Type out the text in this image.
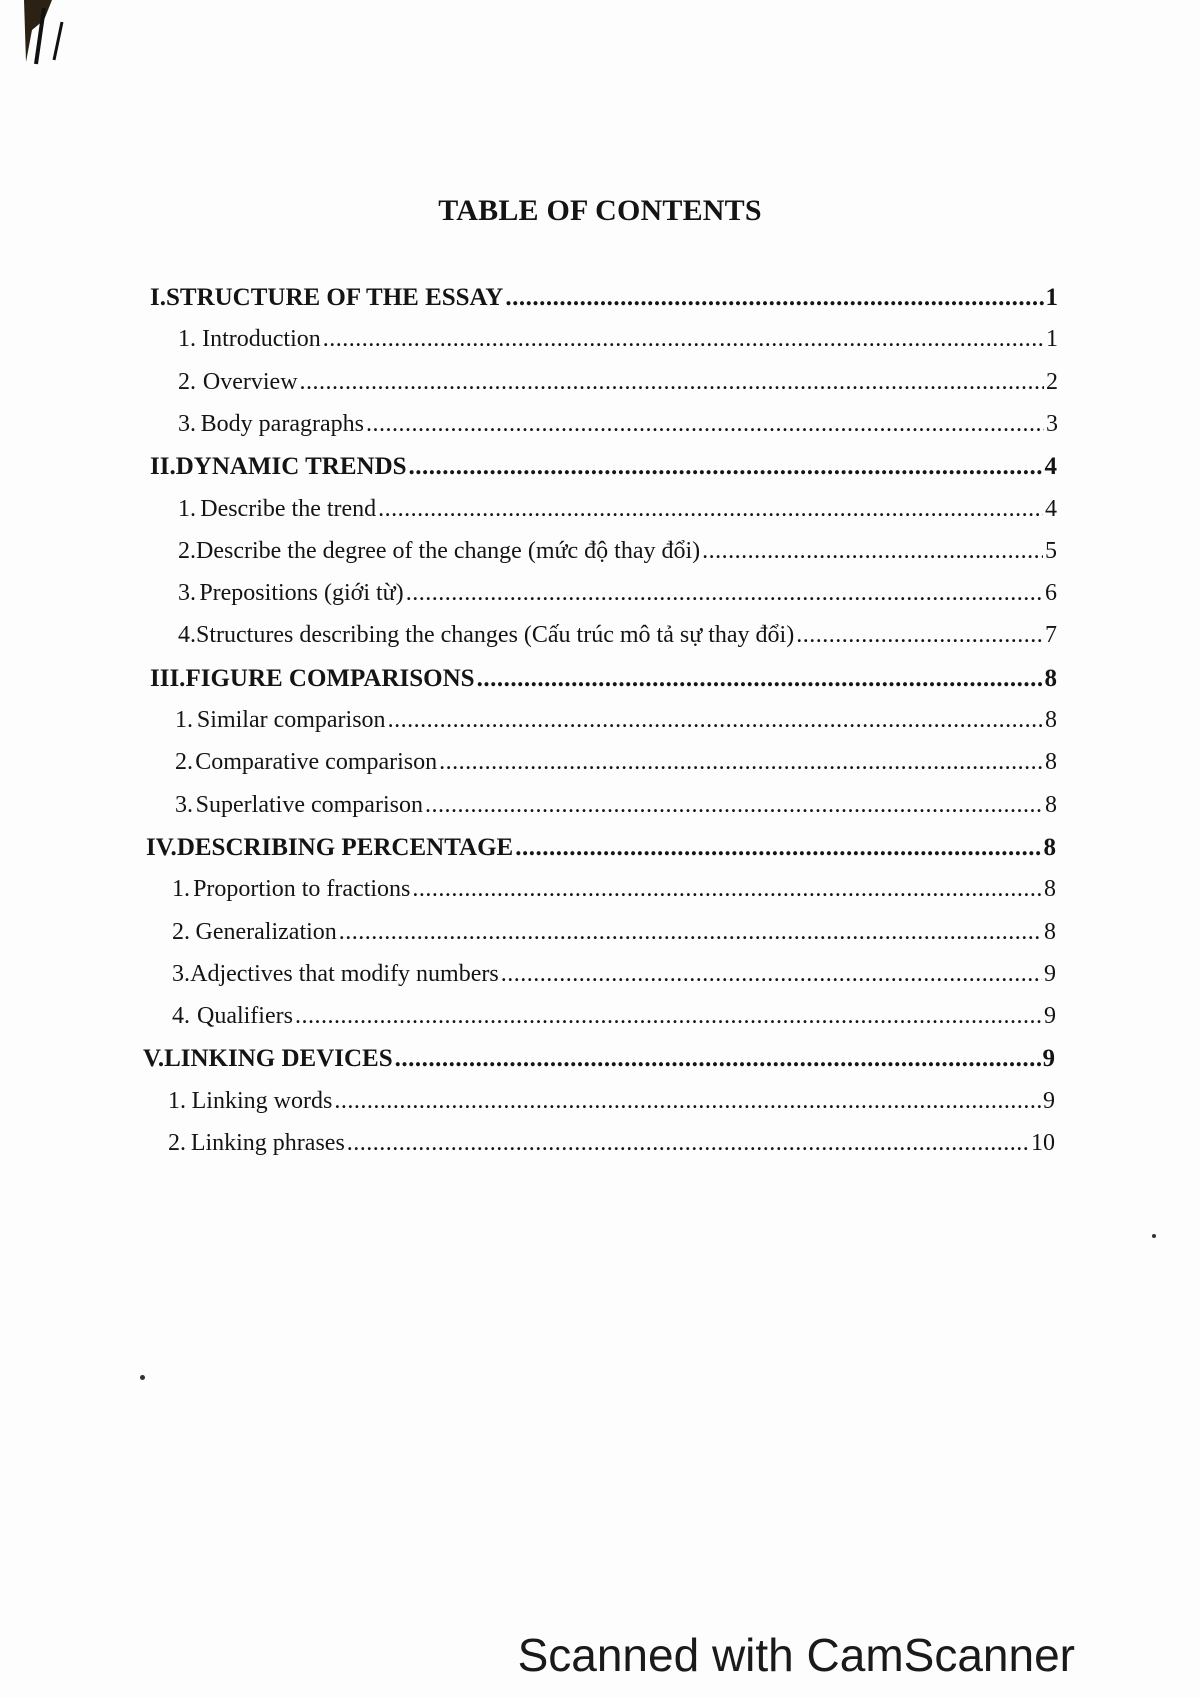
TABLE OF CONTENTS
I. STRUCTURE OF THE ESSAY .....	1
1. Introduction .....	1
2. Overview .....	2
3. Body paragraphs .....	3
II. DYNAMIC TRENDS .....	4
1. Describe the trend .....	4
2. Describe the degree of the change (mức độ thay đổi) .....	5
3. Prepositions (giới từ) .....	6
4. Structures describing the changes (Cấu trúc mô tả sự thay đổi) .....	7
III. FIGURE COMPARISONS .....	8
1. Similar comparison .....	8
2. Comparative comparison .....	8
3. Superlative comparison .....	8
IV. DESCRIBING PERCENTAGE .....	8
1. Proportion to fractions .....	8
2. Generalization .....	8
3. Adjectives that modify numbers .....	9
4. Qualifiers .....	9
V. LINKING DEVICES .....	9
1. Linking words .....	9
2. Linking phrases .....	10
Scanned with CamScanner
